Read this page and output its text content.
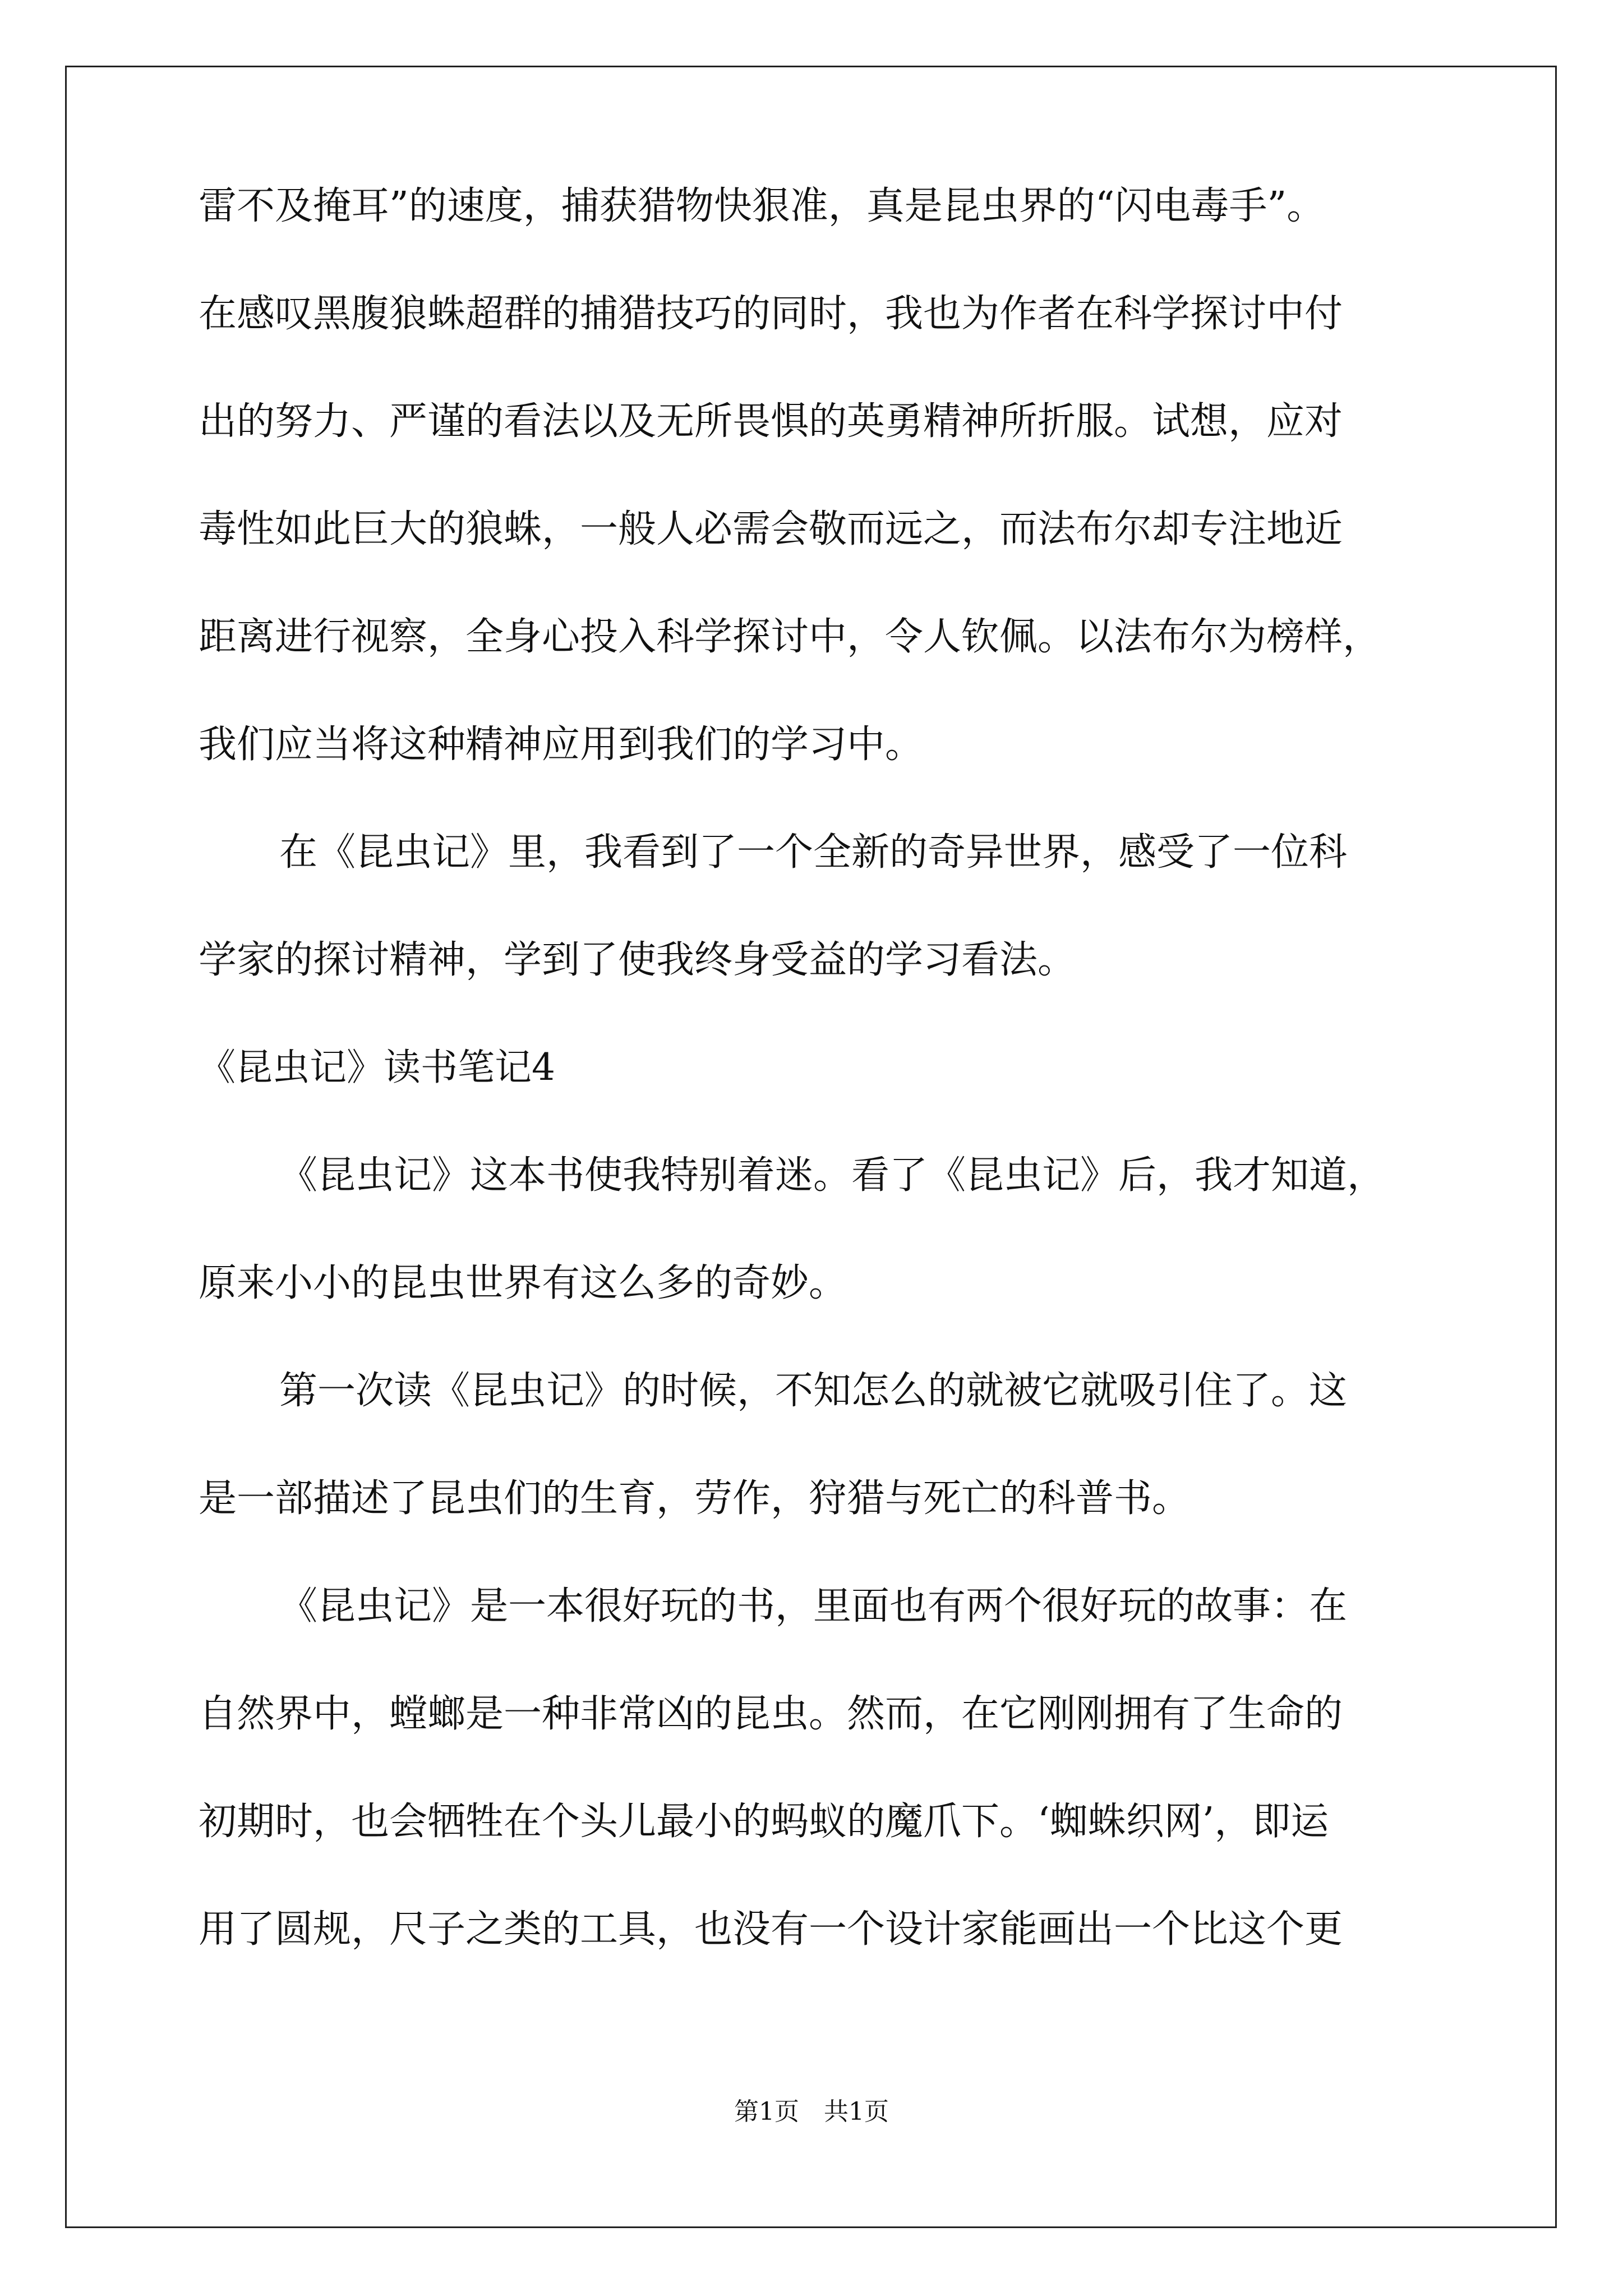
雷不及掩耳”的速度，捕获猎物快狠准，真是昆虫界的“闪电毒手”。
在感叹黑腹狼蛛超群的捕猎技巧的同时，我也为作者在科学探讨中付
出的努力、严谨的看法以及无所畏惧的英勇精神所折服。试想，应对
毒性如此巨大的狼蛛，一般人必需会敬而远之，而法布尔却专注地近
距离进行视察，全身心投入科学探讨中，令人钦佩。以法布尔为榜样，
我们应当将这种精神应用到我们的学习中。
在《昆虫记》里，我看到了一个全新的奇异世界，感受了一位科
学家的探讨精神，学到了使我终身受益的学习看法。
《昆虫记》读书笔记4
《昆虫记》这本书使我特别着迷。看了《昆虫记》后，我才知道，
原来小小的昆虫世界有这么多的奇妙。
第一次读《昆虫记》的时候，不知怎么的就被它就吸引住了。这
是一部描述了昆虫们的生育，劳作，狩猎与死亡的科普书。
《昆虫记》是一本很好玩的书，里面也有两个很好玩的故事：在
自然界中，螳螂是一种非常凶的昆虫。然而，在它刚刚拥有了生命的
初期时，也会牺牲在个头儿最小的蚂蚁的魔爪下。‘蜘蛛织网’，即运
用了圆规，尺子之类的工具，也没有一个设计家能画出一个比这个更
第1页　共1页
